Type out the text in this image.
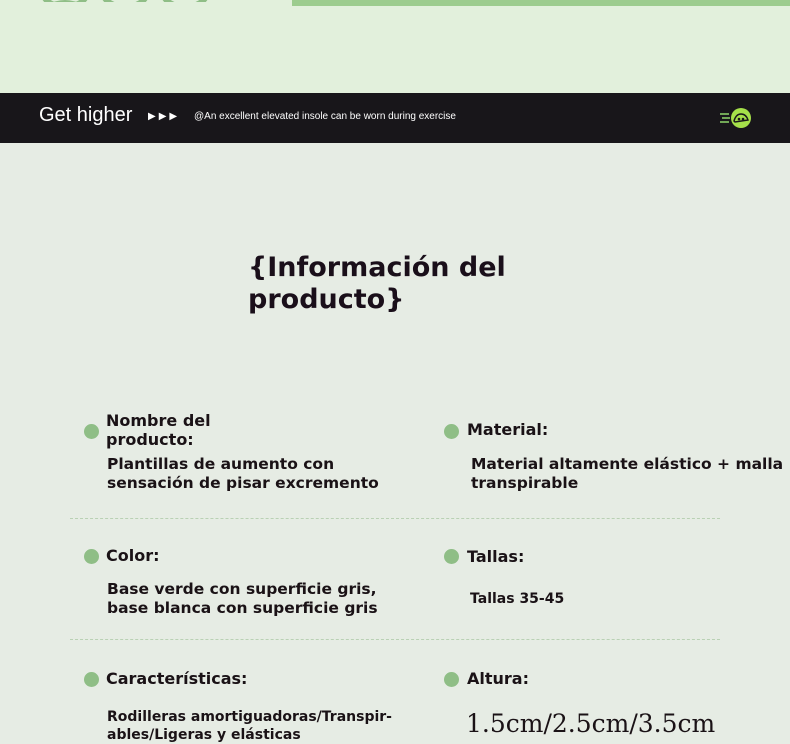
Get higher ▶▶▶ @An excellent elevated insole can be worn during exercise
{Información del
producto}
Nombre del
producto:
Plantillas de aumento con
sensación de pisar excremento
Material:
Material altamente elástico + malla
transpirable
Color:
Base verde con superficie gris,
base blanca con superficie gris
Tallas:
Tallas 35-45
Características:
Rodilleras amortiguadoras/Transpir-
ables/Ligeras y elásticas
Altura:
1.5cm/2.5cm/3.5cm
